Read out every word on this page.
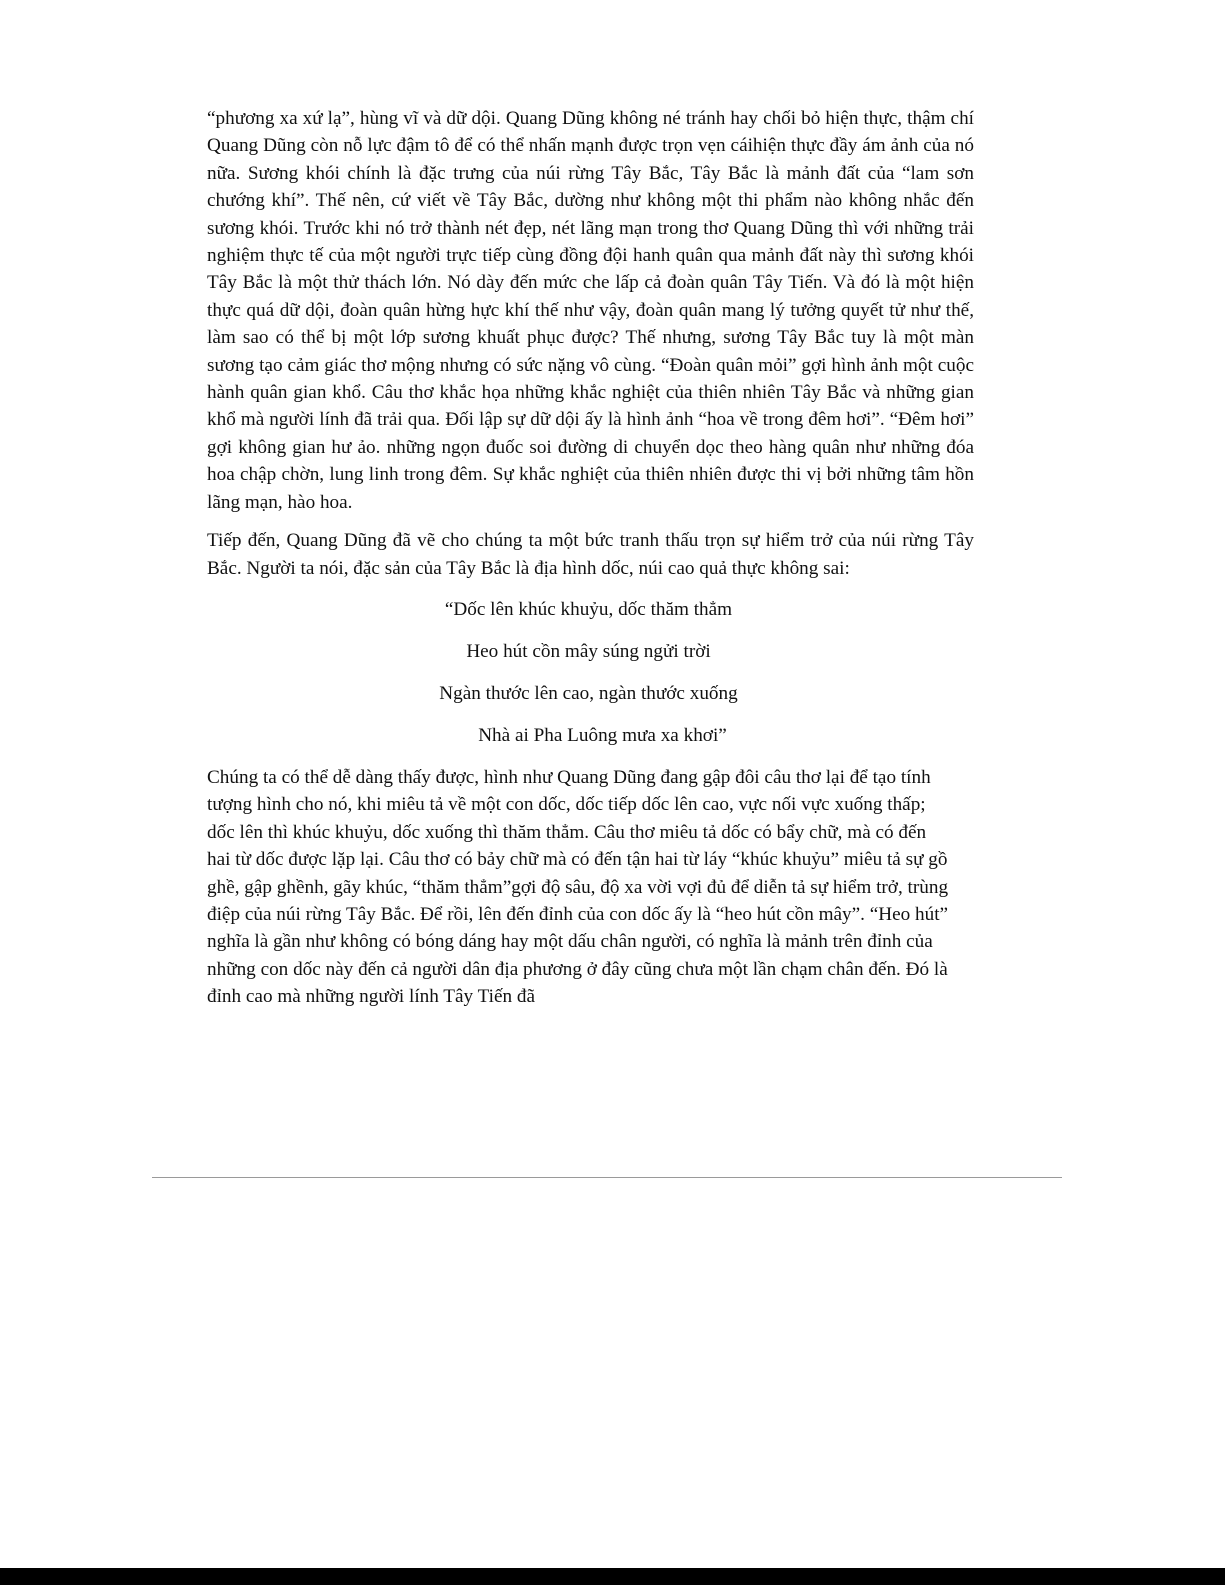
“phương xa xứ lạ”, hùng vĩ và dữ dội. Quang Dũng không né tránh hay chối bỏ hiện thực, thậm chí Quang Dũng còn nỗ lực đậm tô để có thể nhấn mạnh được trọn vẹn cáihiện thực đầy ám ảnh của nó nữa. Sương khói chính là đặc trưng của núi rừng Tây Bắc, Tây Bắc là mảnh đất của “lam sơn chướng khí”. Thế nên, cứ viết về Tây Bắc, dường như không một thi phẩm nào không nhắc đến sương khói. Trước khi nó trở thành nét đẹp, nét lãng mạn trong thơ Quang Dũng thì với những trải nghiệm thực tế của một người trực tiếp cùng đồng đội hanh quân qua mảnh đất này thì sương khói Tây Bắc là một thử thách lớn. Nó dày đến mức che lấp cả đoàn quân Tây Tiến. Và đó là một hiện thực quá dữ dội, đoàn quân hừng hực khí thế như vậy, đoàn quân mang lý tưởng quyết tử như thế, làm sao có thể bị một lớp sương khuất phục được? Thế nhưng, sương Tây Bắc tuy là một màn sương tạo cảm giác thơ mộng nhưng có sức nặng vô cùng. “Đoàn quân mỏi” gợi hình ảnh một cuộc hành quân gian khổ. Câu thơ khắc họa những khắc nghiệt của thiên nhiên Tây Bắc và những gian khổ mà người lính đã trải qua. Đối lập sự dữ dội ấy là hình ảnh “hoa về trong đêm hơi”. “Đêm hơi” gợi không gian hư ảo. những ngọn đuốc soi đường di chuyển dọc theo hàng quân như những đóa hoa chập chờn, lung linh trong đêm. Sự khắc nghiệt của thiên nhiên được thi vị bởi những tâm hồn lãng mạn, hào hoa.

Tiếp đến, Quang Dũng đã vẽ cho chúng ta một bức tranh thấu trọn sự hiểm trở của núi rừng Tây Bắc. Người ta nói, đặc sản của Tây Bắc là địa hình dốc, núi cao quả thực không sai:

“Dốc lên khúc khuỷu, dốc thăm thẳm
Heo hút cồn mây súng ngửi trời
Ngàn thước lên cao, ngàn thước xuống
Nhà ai Pha Luông mưa xa khơi”

Chúng ta có thể dễ dàng thấy được, hình như Quang Dũng đang gập đôi câu thơ lại để tạo tính tượng hình cho nó, khi miêu tả về một con dốc, dốc tiếp dốc lên cao, vực nối vực xuống thấp; dốc lên thì khúc khuỷu, dốc xuống thì thăm thẳm. Câu thơ miêu tả dốc có bẩy chữ, mà có đến hai từ dốc được lặp lại. Câu thơ có bảy chữ mà có đến tận hai từ láy “khúc khuỷu” miêu tả sự gồ ghề, gập ghềnh, gãy khúc, “thăm thẳm”gợi độ sâu, độ xa vời vợi đủ để diễn tả sự hiểm trở, trùng điệp của núi rừng Tây Bắc. Để rồi, lên đến đỉnh của con dốc ấy là “heo hút cồn mây”. “Heo hút” nghĩa là gần như không có bóng dáng hay một dấu chân người, có nghĩa là mảnh trên đỉnh của những con dốc này đến cả người dân địa phương ở đây cũng chưa một lần chạm chân đến. Đó là đỉnh cao mà những người lính Tây Tiến đã
